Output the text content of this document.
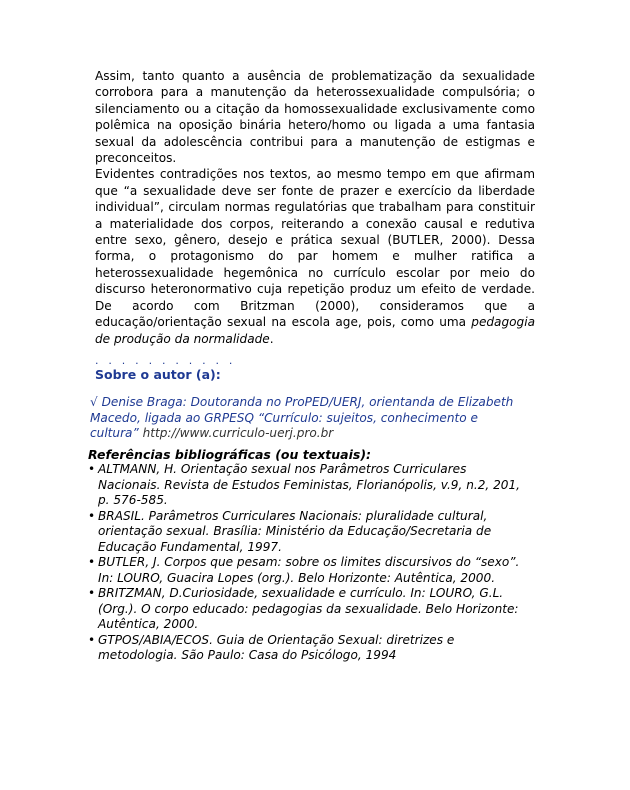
Assim, tanto quanto a ausência de problematização da sexualidade corrobora para a manutenção da heterossexualidade compulsória; o silenciamento ou a citação da homossexualidade exclusivamente como polêmica na oposição binária hetero/homo ou ligada a uma fantasia sexual da adolescência contribui para a manutenção de estigmas e preconceitos.

Evidentes contradições nos textos, ao mesmo tempo em que afirmam que “a sexualidade deve ser fonte de prazer e exercício da liberdade individual”, circulam normas regulatórias que trabalham para constituir a materialidade dos corpos, reiterando a conexão causal e redutiva entre sexo, gênero, desejo e prática sexual (BUTLER, 2000). Dessa forma, o protagonismo do par homem e mulher ratifica a heterossexualidade hegemônica no currículo escolar por meio do discurso heteronormativo cuja repetição produz um efeito de verdade. De acordo com Britzman (2000), consideramos que a educação/orientação sexual na escola age, pois, como uma pedagogia de produção da normalidade.

. . . . . . . . . . .
Sobre o autor (a):
√ Denise Braga: Doutoranda no ProPED/UERJ, orientanda de Elizabeth Macedo, ligada ao GRPESQ “Currículo: sujeitos, conhecimento e cultura” http://www.curriculo-uerj.pro.br
Referências bibliográficas (ou textuais):
• ALTMANN, H. Orientação sexual nos Parâmetros Curriculares Nacionais. Revista de Estudos Feministas, Florianópolis, v.9, n.2, 201, p. 576-585.
• BRASIL. Parâmetros Curriculares Nacionais: pluralidade cultural, orientação sexual. Brasília: Ministério da Educação/Secretaria de Educação Fundamental, 1997.
• BUTLER, J. Corpos que pesam: sobre os limites discursivos do “sexo”. In: LOURO, Guacira Lopes (org.). Belo Horizonte: Autêntica, 2000.
• BRITZMAN, D.Curiosidade, sexualidade e currículo. In: LOURO, G.L.(Org.). O corpo educado: pedagogias da sexualidade. Belo Horizonte: Autêntica, 2000.
• GTPOS/ABIA/ECOS. Guia de Orientação Sexual: diretrizes e metodologia. São Paulo: Casa do Psicólogo, 1994
